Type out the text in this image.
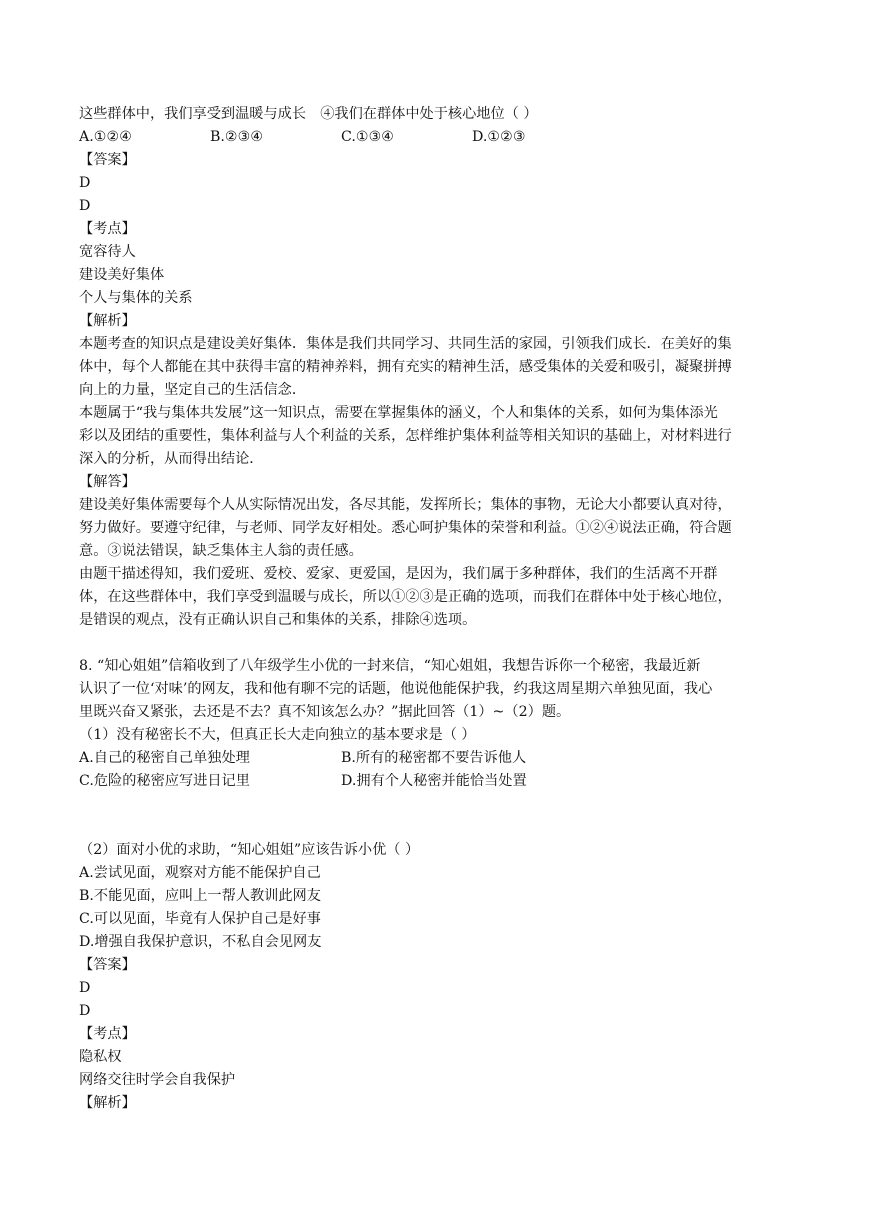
这些群体中，我们享受到温暖与成长　④我们在群体中处于核心地位（ ）
A.①②④	B.②③④	C.①③④	D.①②③
【答案】
D
D
【考点】
宽容待人
建设美好集体
个人与集体的关系
【解析】
本题考查的知识点是建设美好集体．集体是我们共同学习、共同生活的家园，引领我们成长．在美好的集
体中，每个人都能在其中获得丰富的精神养料，拥有充实的精神生活，感受集体的关爱和吸引，凝聚拼搏
向上的力量，坚定自己的生活信念．
本题属于“我与集体共发展”这一知识点，需要在掌握集体的涵义，个人和集体的关系，如何为集体添光
彩以及团结的重要性，集体利益与人个利益的关系，怎样维护集体利益等相关知识的基础上，对材料进行
深入的分析，从而得出结论．
【解答】
建设美好集体需要每个人从实际情况出发，各尽其能，发挥所长；集体的事物，无论大小都要认真对待，
努力做好。要遵守纪律，与老师、同学友好相处。悉心呵护集体的荣誉和利益。①②④说法正确，符合题
意。③说法错误，缺乏集体主人翁的责任感。
由题干描述得知，我们爱班、爱校、爱家、更爱国，是因为，我们属于多种群体，我们的生活离不开群
体，在这些群体中，我们享受到温暖与成长，所以①②③是正确的选项，而我们在群体中处于核心地位，
是错误的观点，没有正确认识自己和集体的关系，排除④选项。
8. “知心姐姐”信箱收到了八年级学生小优的一封来信，“知心姐姐，我想告诉你一个秘密，我最近新
认识了一位‘对味’的网友，我和他有聊不完的话题，他说他能保护我，约我这周星期六单独见面，我心
里既兴奋又紧张，去还是不去？真不知该怎么办？”据此回答（1）~（2）题。
（1）没有秘密长不大，但真正长大走向独立的基本要求是（ ）
A.自己的秘密自己单独处理	B.所有的秘密都不要告诉他人
C.危险的秘密应写进日记里	D.拥有个人秘密并能恰当处置
（2）面对小优的求助，“知心姐姐”应该告诉小优（ ）
A.尝试见面，观察对方能不能保护自己
B.不能见面，应叫上一帮人教训此网友
C.可以见面，毕竟有人保护自己是好事
D.增强自我保护意识，不私自会见网友
【答案】
D
D
【考点】
隐私权
网络交往时学会自我保护
【解析】
